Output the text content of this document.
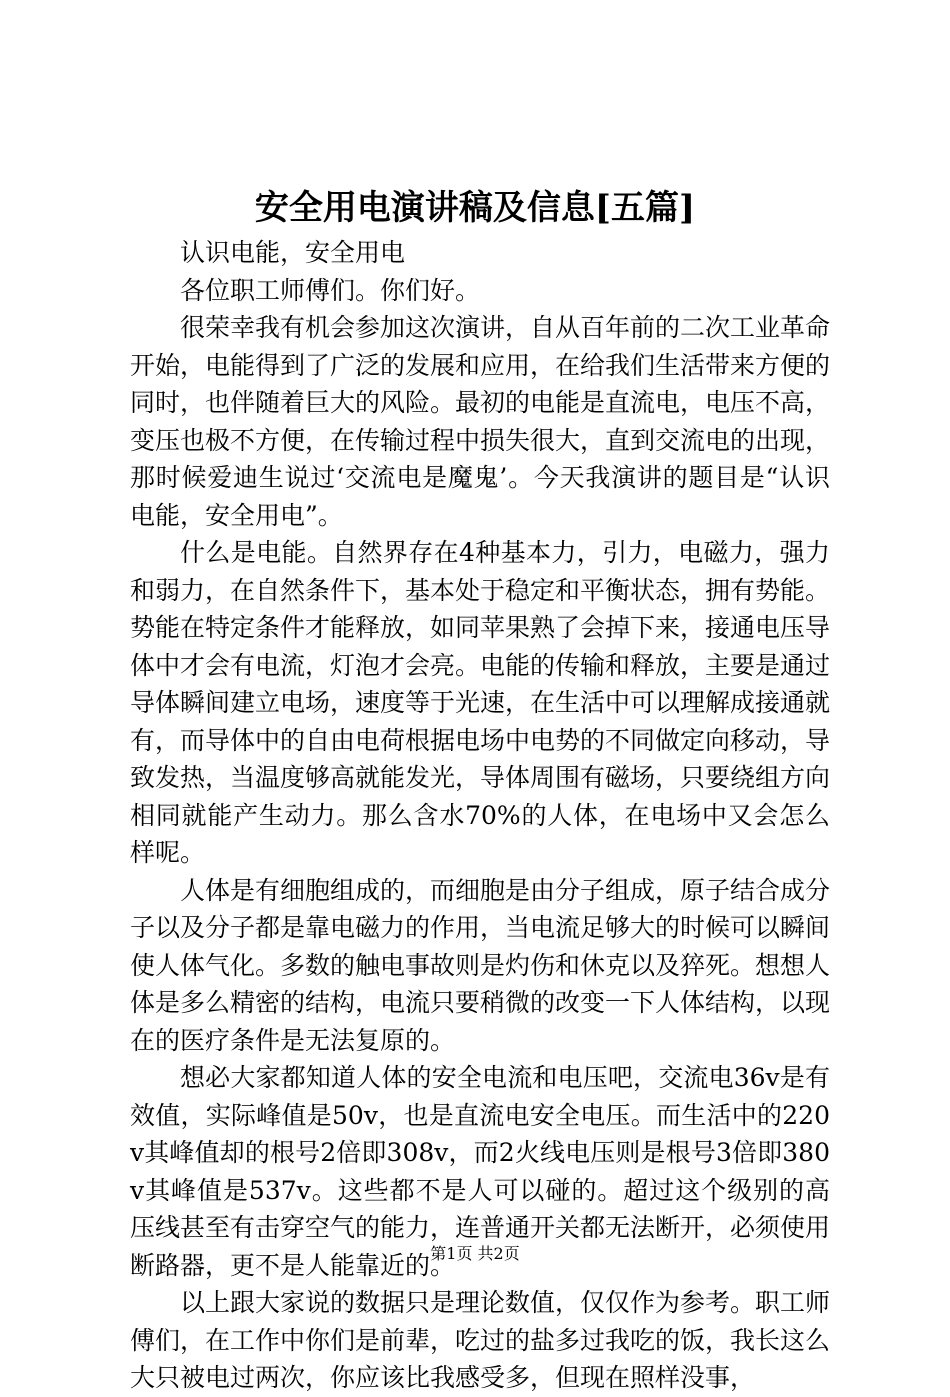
安全用电演讲稿及信息[五篇]

认识电能，安全用电

各位职工师傅们。你们好。

很荣幸我有机会参加这次演讲，自从百年前的二次工业革命开始，电能得到了广泛的发展和应用，在给我们生活带来方便的同时，也伴随着巨大的风险。最初的电能是直流电，电压不高，变压也极不方便，在传输过程中损失很大，直到交流电的出现，那时候爱迪生说过‘交流电是魔鬼’。今天我演讲的题目是“认识电能，安全用电”。

什么是电能。自然界存在4种基本力，引力，电磁力，强力和弱力，在自然条件下，基本处于稳定和平衡状态，拥有势能。势能在特定条件才能释放，如同苹果熟了会掉下来，接通电压导体中才会有电流，灯泡才会亮。电能的传输和释放，主要是通过导体瞬间建立电场，速度等于光速，在生活中可以理解成接通就有，而导体中的自由电荷根据电场中电势的不同做定向移动，导致发热，当温度够高就能发光，导体周围有磁场，只要绕组方向相同就能产生动力。那么含水70%的人体，在电场中又会怎么样呢。

人体是有细胞组成的，而细胞是由分子组成，原子结合成分子以及分子都是靠电磁力的作用，当电流足够大的时候可以瞬间使人体气化。多数的触电事故则是灼伤和休克以及猝死。想想人体是多么精密的结构，电流只要稍微的改变一下人体结构，以现在的医疗条件是无法复原的。

想必大家都知道人体的安全电流和电压吧，交流电36v是有效值，实际峰值是50v，也是直流电安全电压。而生活中的220v其峰值却的根号2倍即308v，而2火线电压则是根号3倍即380v其峰值是537v。这些都不是人可以碰的。超过这个级别的高压线甚至有击穿空气的能力，连普通开关都无法断开，必须使用断路器，更不是人能靠近的。

以上跟大家说的数据只是理论数值，仅仅作为参考。职工师傅们，在工作中你们是前辈，吃过的盐多过我吃的饭，我长这么大只被电过两次，你应该比我感受多，但现在照样没事，

第1页 共2页
